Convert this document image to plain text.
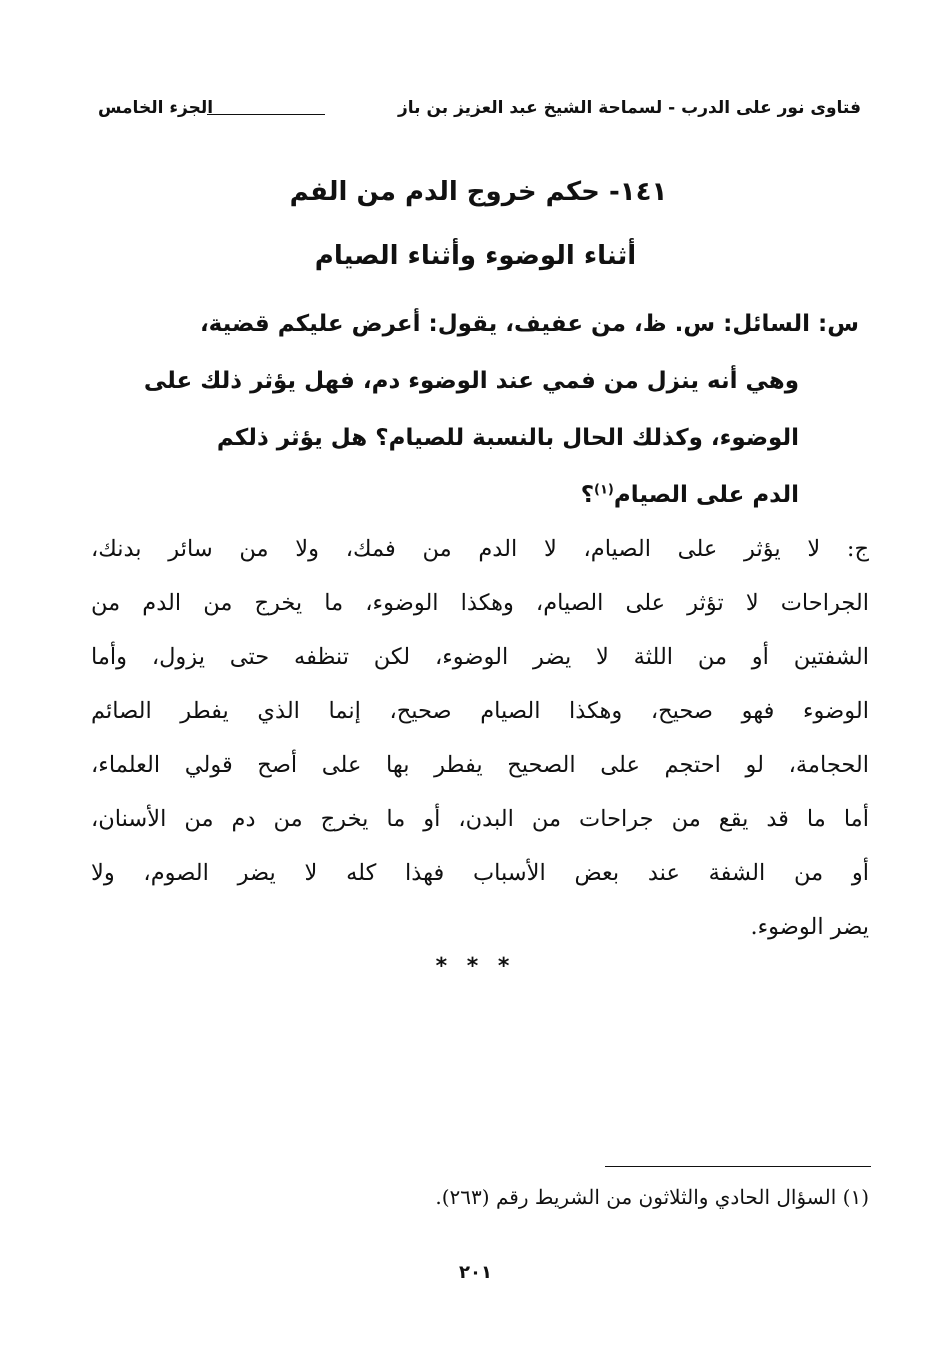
فتاوى نور على الدرب - لسماحة الشيخ عبد العزيز بن باز
الجزء الخامس
١٤١- حكم خروج الدم من الفم
أثناء الوضوء وأثناء الصيام
س: السائل: س. ظ، من عفيف، يقول: أعرض عليكم قضية،
وهي أنه ينزل من فمي عند الوضوء دم، فهل يؤثر ذلك على
الوضوء، وكذلك الحال بالنسبة للصيام؟ هل يؤثر ذلكم
الدم على الصيام$^{(١)}$؟
ج: لا يؤثر على الصيام، لا الدم من فمك، ولا من سائر بدنك،
الجراحات لا تؤثر على الصيام، وهكذا الوضوء، ما يخرج من الدم من
الشفتين أو من اللثة لا يضر الوضوء، لكن تنظفه حتى يزول، وأما
الوضوء فهو صحيح، وهكذا الصيام صحيح، إنما الذي يفطر الصائم
الحجامة، لو احتجم على الصحيح يفطر بها على أصح قولي العلماء،
أما ما قد يقع من جراحات من البدن، أو ما يخرج من دم من الأسنان،
أو من الشفة عند بعض الأسباب فهذا كله لا يضر الصوم، ولا
يضر الوضوء.
* * *
(١) السؤال الحادي والثلاثون من الشريط رقم (٢٦٣).
٢٠١
